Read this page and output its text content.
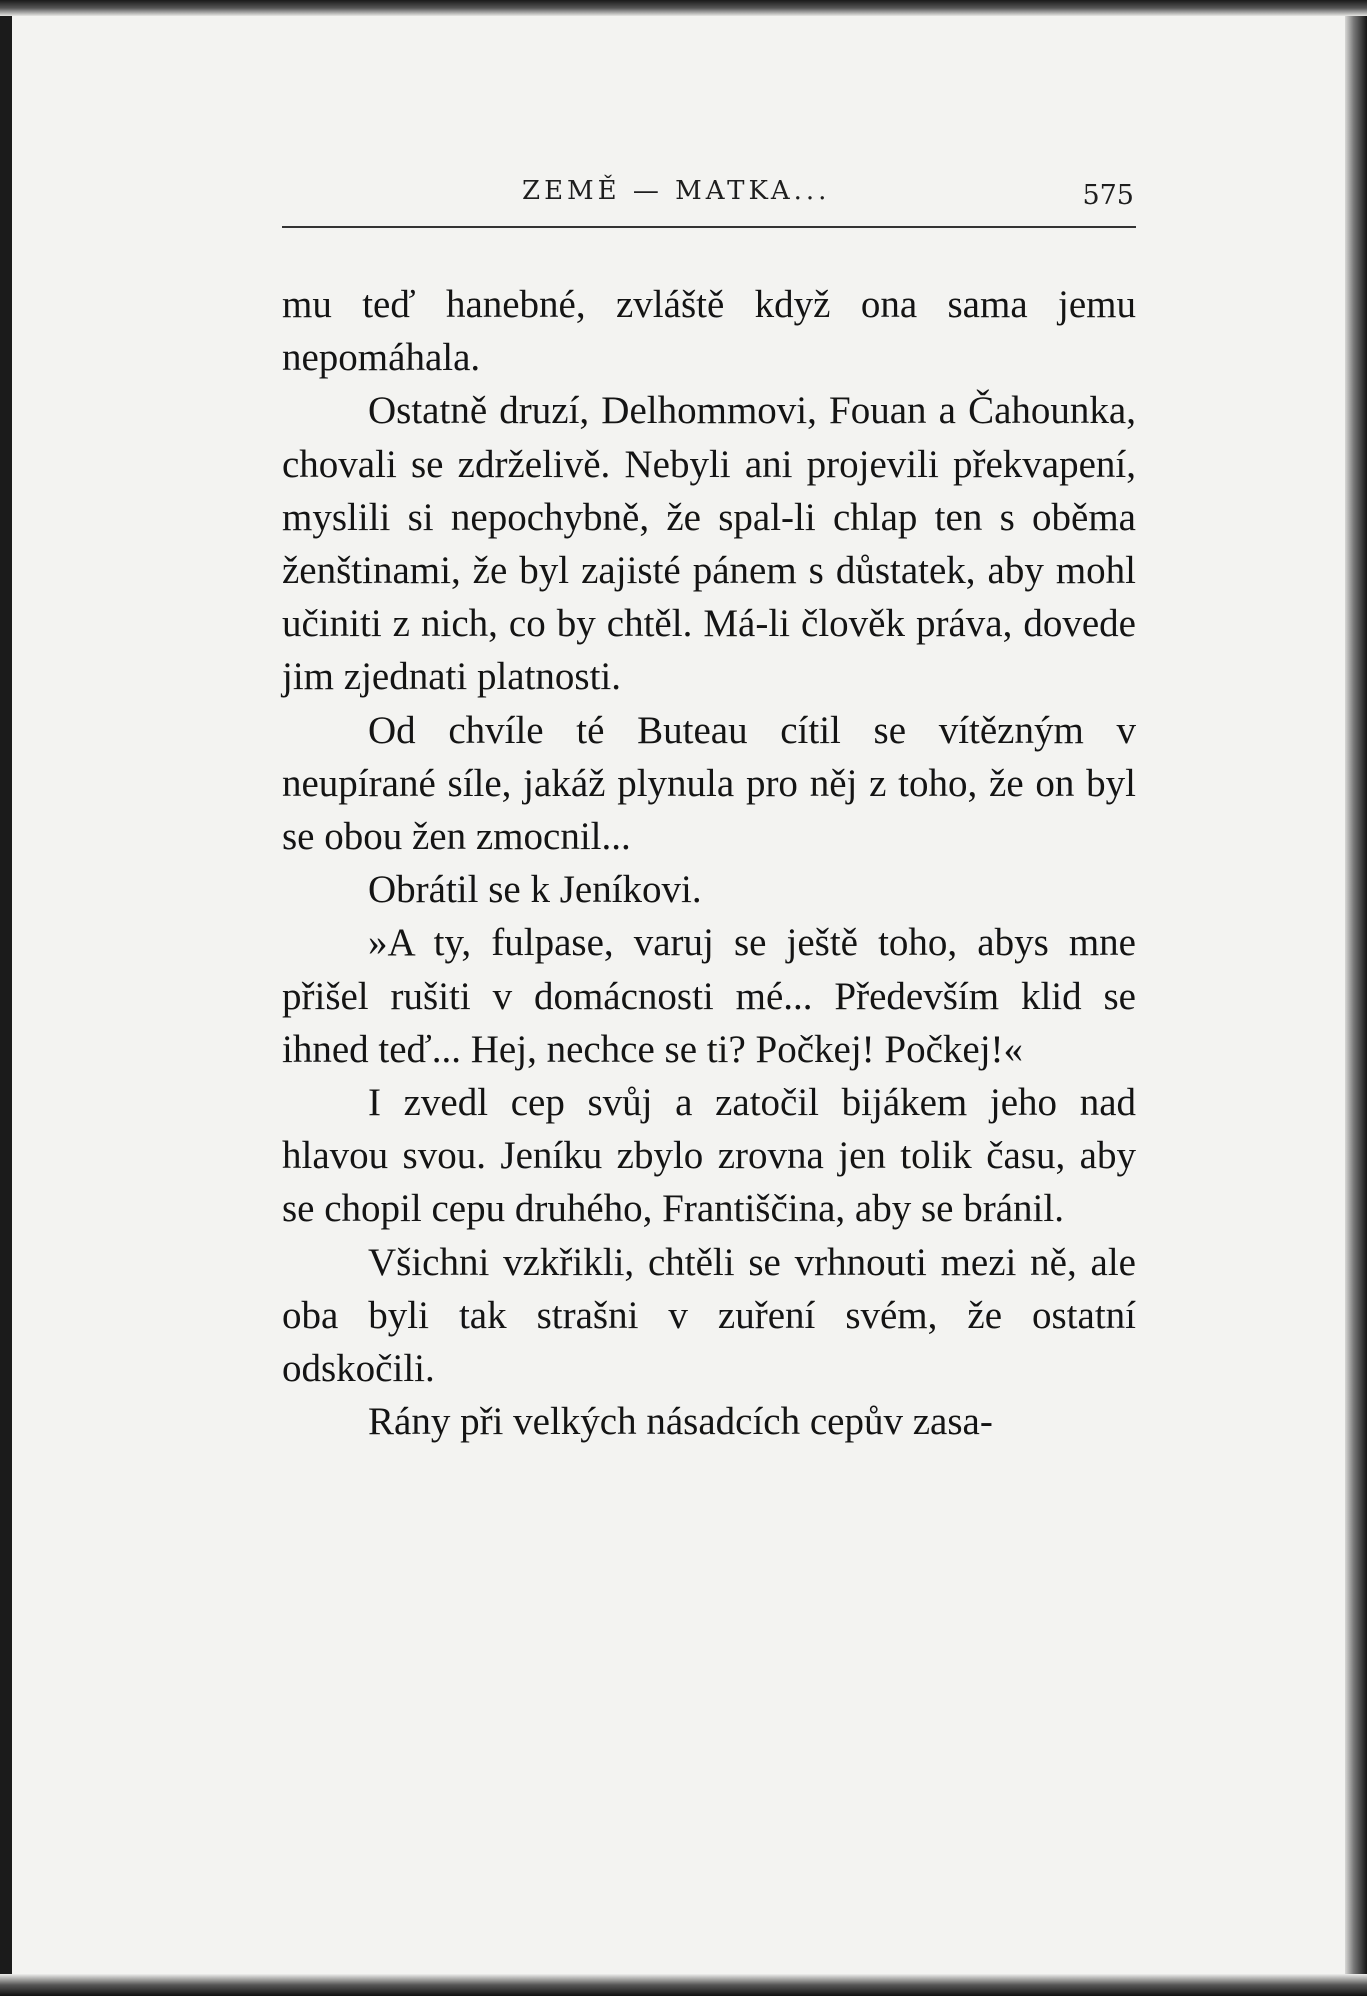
ZEMĚ — MATKA...	575

mu teď hanebné, zvláště když ona sama jemu nepomáhala.

Ostatně druzí, Delhommovi, Fouan a Čahounka, chovali se zdrželivě. Nebyli ani projevili překvapení, myslili si nepochybně, že spal-li chlap ten s oběma ženštinami, že byl zajisté pánem s důstatek, aby mohl učiniti z nich, co by chtěl. Má-li člověk práva, dovede jim zjednati platnosti.

Od chvíle té Buteau cítil se vítězným v neupírané síle, jakáž plynula pro něj z toho, že on byl se obou žen zmocnil...

Obrátil se k Jeníkovi.

»A ty, fulpase, varuj se ještě toho, abys mne přišel rušiti v domácnosti mé... Především klid se ihned teď... Hej, nechce se ti? Počkej! Počkej!«

I zvedl cep svůj a zatočil bijákem jeho nad hlavou svou. Jeníku zbylo zrovna jen tolik času, aby se chopil cepu druhého, Františčina, aby se bránil.

Všichni vzkřikli, chtěli se vrhnouti mezi ně, ale oba byli tak strašni v zuření svém, že ostatní odskočili.

Rány při velkých násadcích cepův zasa-
